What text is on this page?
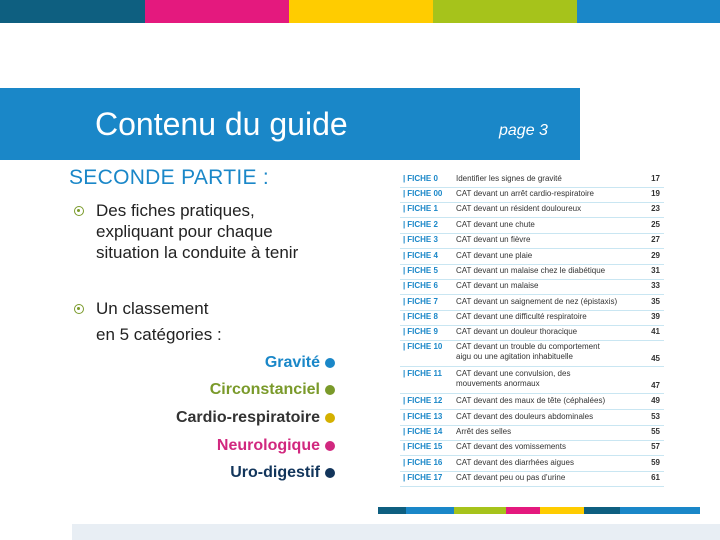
Contenu du guide	page 3
SECONDE PARTIE :
Des fiches pratiques,
expliquant pour chaque
situation la conduite à tenir
Un classement
en 5 catégories :
Gravité
Circonstanciel
Cardio-respiratoire
Neurologique
Uro-digestif
| FICHE 0 Identifier les signes de gravité	17
| FICHE 00 CAT devant un arrêt cardio-respiratoire	19
| FICHE 1 CAT devant un résident douloureux	23
| FICHE 2 CAT devant une chute	25
| FICHE 3 CAT devant un fièvre	27
| FICHE 4 CAT devant une plaie	29
| FICHE 5 CAT devant un malaise chez le diabétique	31
| FICHE 6 CAT devant un malaise	33
| FICHE 7 CAT devant un saignement de nez (épistaxis)	35
| FICHE 8 CAT devant une difficulté respiratoire	39
| FICHE 9 CAT devant un douleur thoracique	41
| FICHE 10 CAT devant un trouble du comportement aigu ou une agitation inhabituelle	45
| FICHE 11 CAT devant une convulsion, des mouvements anormaux	47
| FICHE 12 CAT devant des maux de tête (céphalées)	49
| FICHE 13 CAT devant des douleurs abdominales	53
| FICHE 14 Arrêt des selles	55
| FICHE 15 CAT devant des vomissements	57
| FICHE 16 CAT devant des diarrhées aigues	59
| FICHE 17 CAT devant peu ou pas d'urine	61
